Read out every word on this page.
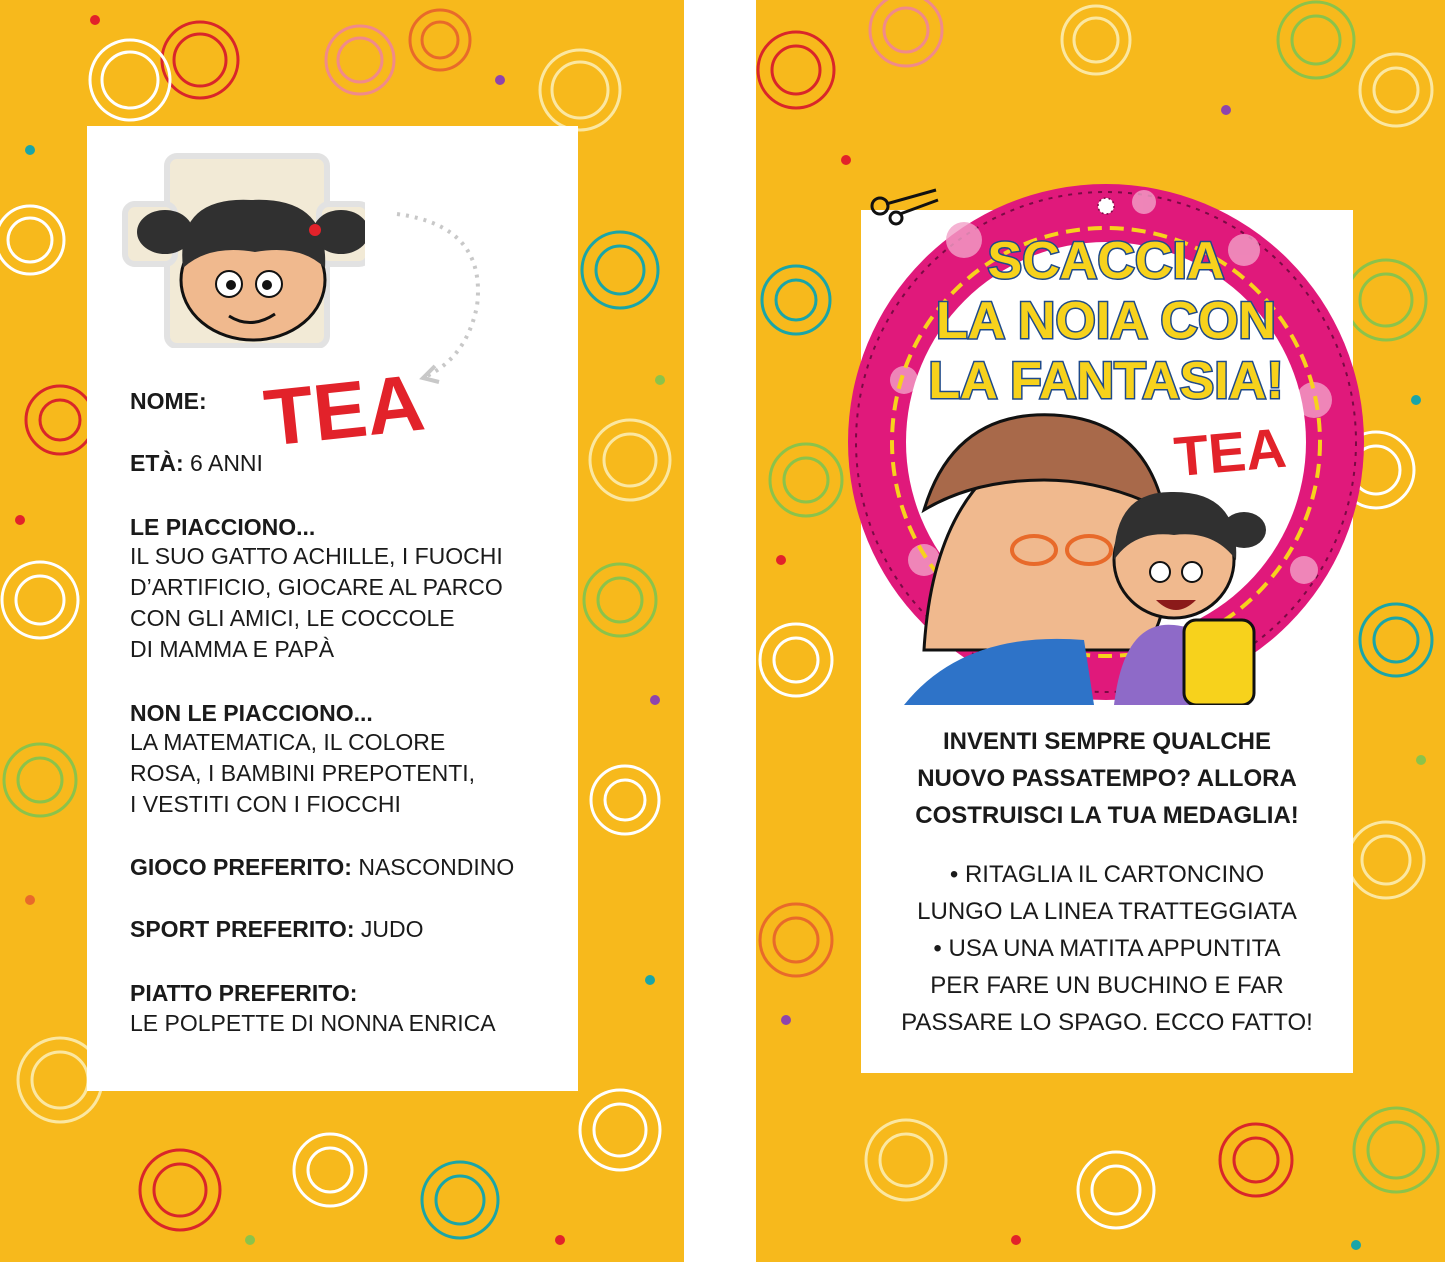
NOME: TEA

ETÀ: 6 ANNI

LE PIACCIONO...

IL SUO GATTO ACHILLE, I FUOCHI
D’ARTIFICIO, GIOCARE AL PARCO
CON GLI AMICI, LE COCCOLE
DI MAMMA E PAPÀ

NON LE PIACCIONO...

LA MATEMATICA, IL COLORE
ROSA, I BAMBINI PREPOTENTI,
I VESTITI CON I FIOCCHI

GIOCO PREFERITO: NASCONDINO

SPORT PREFERITO: JUDO

PIATTO PREFERITO:

LE POLPETTE DI NONNA ENRICA

INVENTI SEMPRE QUALCHE
NUOVO PASSATEMPO? ALLORA
COSTRUISCI LA TUA MEDAGLIA!
• RITAGLIA IL CARTONCINO
LUNGO LA LINEA TRATTEGGIATA
• USA UNA MATITA APPUNTITA
PER FARE UN BUCHINO E FAR
PASSARE LO SPAGO. ECCO FATTO!
SCACCIA
LA NOIA CON
LA FANTASIA!
TEA
